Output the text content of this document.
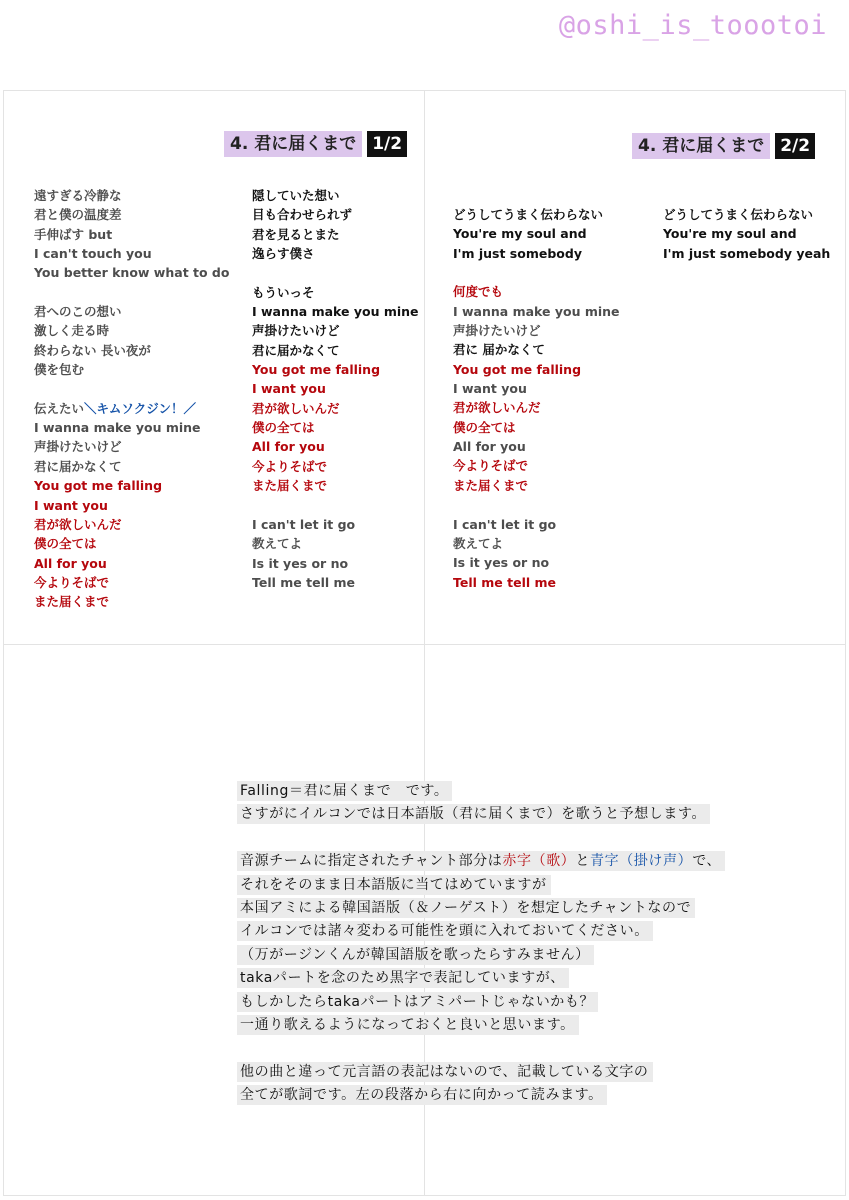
@oshi_is_toootoi
4. 君に届くまで 1/2	4. 君に届くまで 2/2
遠すぎる冷静な
君と僕の温度差
手伸ばす but
I can't touch you
You better know what to do
君へのこの想い
激しく走る時
終わらない 長い夜が
僕を包む
伝えたい＼キムソクジン！／
I wanna make you mine
声掛けたいけど
君に届かなくて
You got me falling
I want you
君が欲しいんだ
僕の全ては
All for you
今よりそばで
また届くまで
隠していた想い
目も合わせられず
君を見るとまた
逸らす僕さ
もういっそ
I wanna make you mine
声掛けたいけど
君に届かなくて
You got me falling
I want you
君が欲しいんだ
僕の全ては
All for you
今よりそばで
また届くまで
I can't let it go
教えてよ
Is it yes or no
Tell me tell me
どうしてうまく伝わらない
You're my soul and
I'm just somebody
何度でも
I wanna make you mine
声掛けたいけど
君に 届かなくて
You got me falling
I want you
君が欲しいんだ
僕の全ては
All for you
今よりそばで
また届くまで
I can't let it go
教えてよ
Is it yes or no
Tell me tell me
どうしてうまく伝わらない
You're my soul and
I'm just somebody yeah
Falling＝君に届くまで　です。
さすがにイルコンでは日本語版（君に届くまで）を歌うと予想します。
音源チームに指定されたチャント部分は赤字（歌）と青字（掛け声）で、
それをそのまま日本語版に当てはめていますが
本国アミによる韓国語版（＆ノーゲスト）を想定したチャントなので
イルコンでは諸々変わる可能性を頭に入れておいてください。
（万がージンくんが韓国語版を歌ったらすみません）
takaパートを念のため黒字で表記していますが、
もしかしたらtakaパートはアミパートじゃないかも？
一通り歌えるようになっておくと良いと思います。
他の曲と違って元言語の表記はないので、記載している文字の
全てが歌詞です。左の段落から右に向かって読みます。
